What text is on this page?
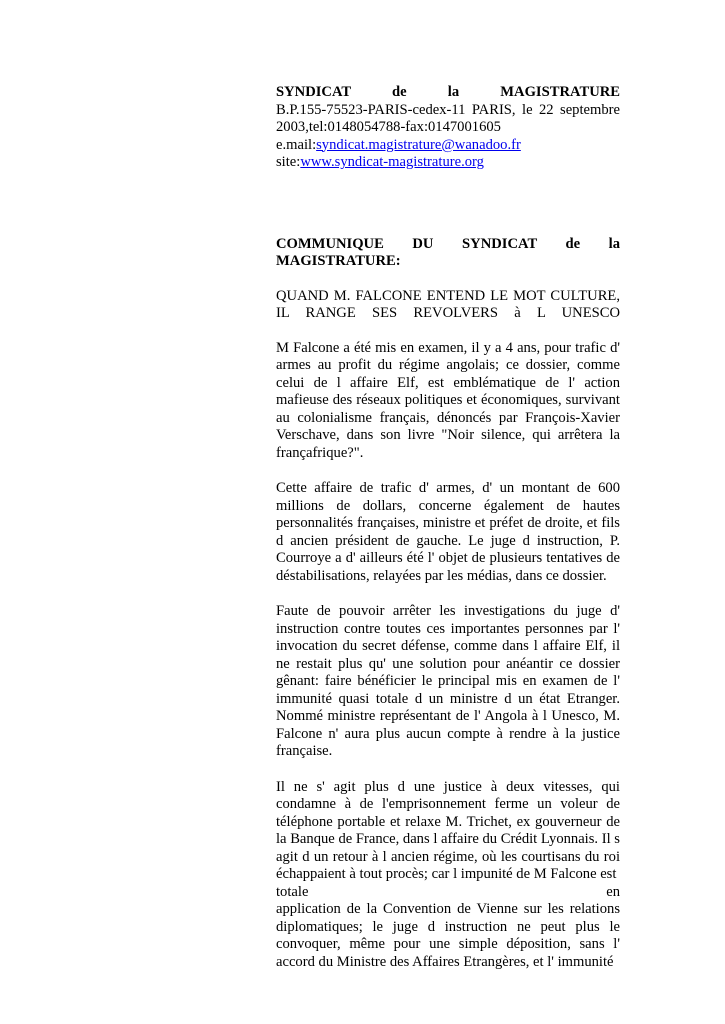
SYNDICAT	de	la	MAGISTRATURE

B.P.155-75523-PARIS-cedex-11 PARIS, le 22 septembre 2003,tel:0148054788-fax:0147001605

e.mail:syndicat.magistrature@wanadoo.fr

site:www.syndicat-magistrature.org

COMMUNIQUE DU SYNDICAT de la MAGISTRATURE:

QUAND M. FALCONE ENTEND LE MOT CULTURE, IL RANGE SES REVOLVERS à L UNESCO

M Falcone a été mis en examen, il y a 4 ans, pour trafic d' armes au profit du régime angolais; ce dossier, comme celui de l affaire Elf, est emblématique de l' action mafieuse des réseaux politiques et économiques, survivant au colonialisme français, dénoncés par François-Xavier Verschave, dans son livre "Noir silence, qui arrêtera la françafrique?".

Cette affaire de trafic d' armes, d' un montant de 600 millions de dollars, concerne également de hautes personnalités françaises, ministre et préfet de droite, et fils d ancien président de gauche. Le juge d instruction, P. Courroye a d' ailleurs été l' objet de plusieurs tentatives de déstabilisations, relayées par les médias, dans ce dossier.

Faute de pouvoir arrêter les investigations du juge d' instruction contre toutes ces importantes personnes par l' invocation du secret défense, comme dans l affaire Elf, il ne restait plus qu' une solution pour anéantir ce dossier gênant: faire bénéficier le principal mis en examen de l' immunité quasi totale d un ministre d un état Etranger. Nommé ministre représentant de l' Angola à l Unesco, M. Falcone n' aura plus aucun compte à rendre à la justice française.

Il ne s' agit plus d une justice à deux vitesses, qui condamne à de l'emprisonnement ferme un voleur de téléphone portable et relaxe M. Trichet, ex gouverneur de la Banque de France, dans l affaire du Crédit Lyonnais. Il s agit d un retour à l ancien régime, où les courtisans du roi échappaient à tout procès; car l impunité de M Falcone est

totale	en

application de la Convention de Vienne sur les relations diplomatiques; le juge d instruction ne peut plus le convoquer, même pour une simple déposition, sans l' accord du Ministre des Affaires Etrangères, et l' immunité
